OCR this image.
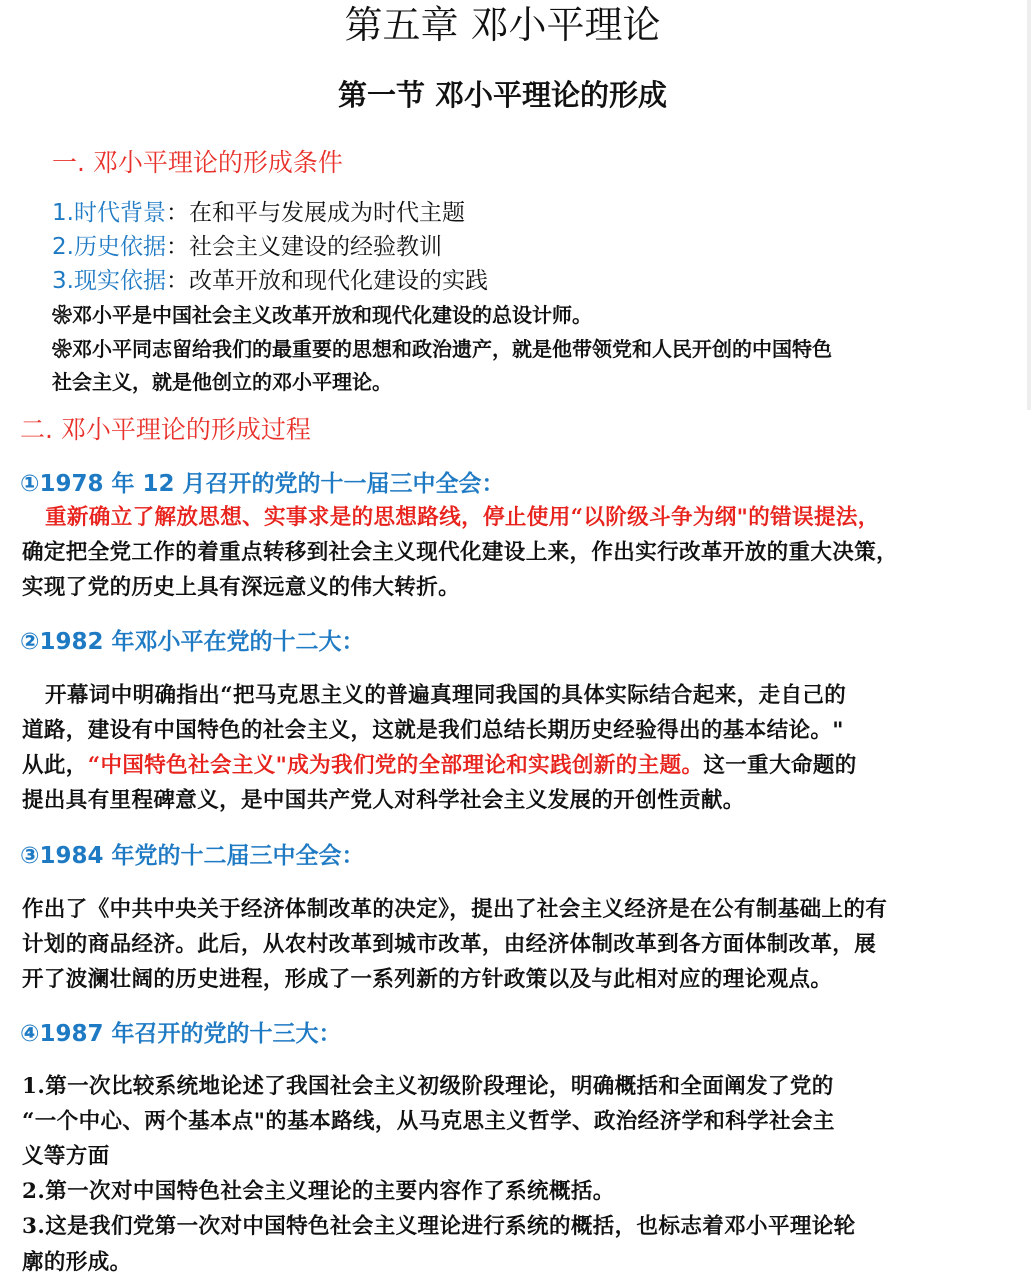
第五章 邓小平理论
第一节 邓小平理论的形成
一. 邓小平理论的形成条件
1.时代背景：在和平与发展成为时代主题
2.历史依据：社会主义建设的经验教训
3.现实依据：改革开放和现代化建设的实践
❀邓小平是中国社会主义改革开放和现代化建设的总设计师。
❀邓小平同志留给我们的最重要的思想和政治遗产，就是他带领党和人民开创的中国特色
社会主义，就是他创立的邓小平理论。
二. 邓小平理论的形成过程
①1978 年 12 月召开的党的十一届三中全会：
重新确立了解放思想、实事求是的思想路线，停止使用“以阶级斗争为纲"的错误提法，
确定把全党工作的着重点转移到社会主义现代化建设上来，作出实行改革开放的重大决策，
实现了党的历史上具有深远意义的伟大转折。
②1982 年邓小平在党的十二大：
开幕词中明确指出“把马克思主义的普遍真理同我国的具体实际结合起来，走自己的
道路，建设有中国特色的社会主义，这就是我们总结长期历史经验得出的基本结论。"
从此，“中国特色社会主义"成为我们党的全部理论和实践创新的主题。这一重大命题的
提出具有里程碑意义，是中国共产党人对科学社会主义发展的开创性贡献。
③1984 年党的十二届三中全会：
作出了《中共中央关于经济体制改革的决定》，提出了社会主义经济是在公有制基础上的有
计划的商品经济。此后，从农村改革到城市改革，由经济体制改革到各方面体制改革，展
开了波澜壮阔的历史进程，形成了一系列新的方针政策以及与此相对应的理论观点。
④1987 年召开的党的十三大：
1.第一次比较系统地论述了我国社会主义初级阶段理论，明确概括和全面阐发了党的
“一个中心、两个基本点"的基本路线，从马克思主义哲学、政治经济学和科学社会主
义等方面
2.第一次对中国特色社会主义理论的主要内容作了系统概括。
3.这是我们党第一次对中国特色社会主义理论进行系统的概括，也标志着邓小平理论轮
廓的形成。
